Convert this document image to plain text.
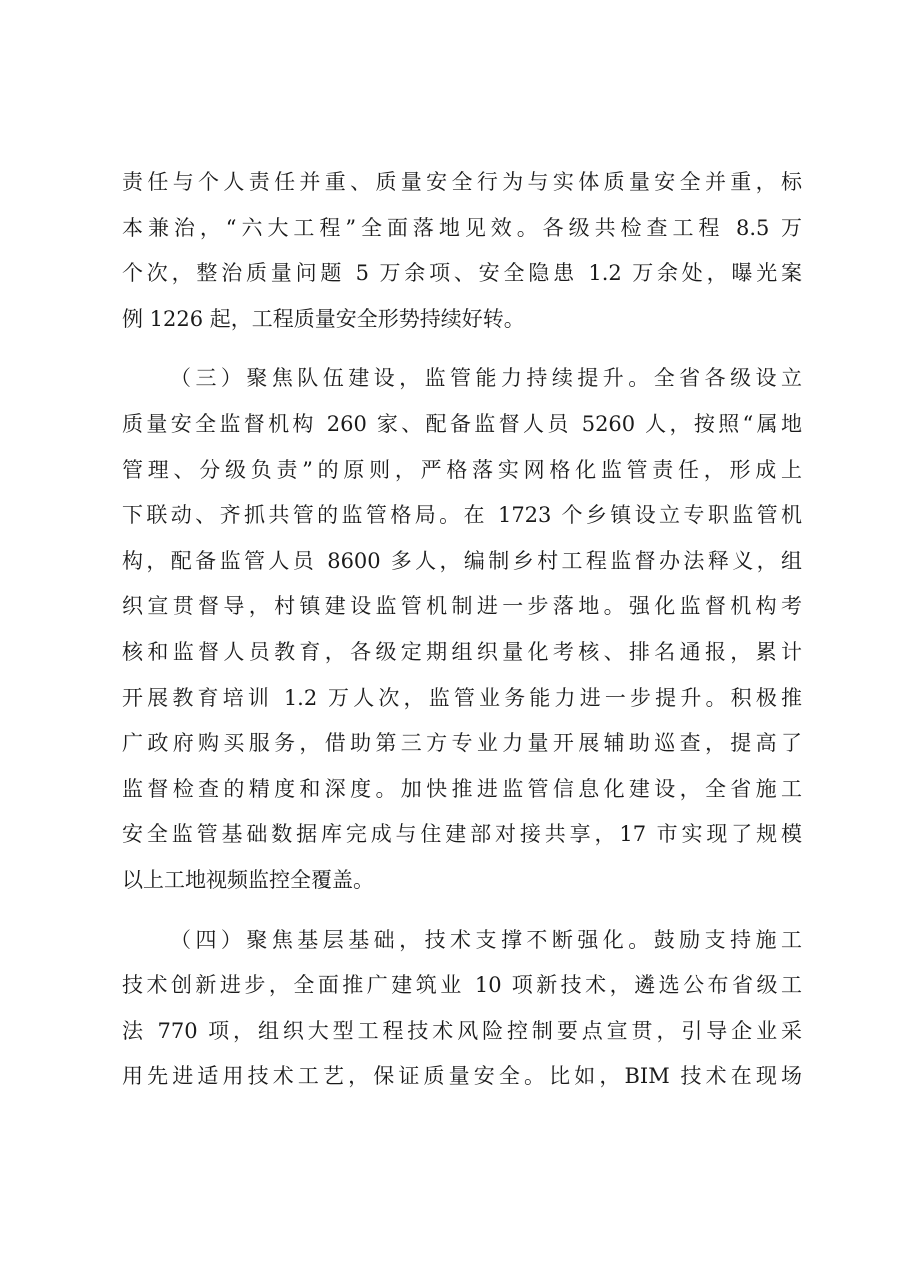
责任与个人责任并重、质量安全行为与实体质量安全并重，标
本兼治，“六大工程”全面落地见效。各级共检查工程 8.5 万
个次，整治质量问题 5 万余项、安全隐患 1.2 万余处，曝光案
例 1226 起，工程质量安全形势持续好转。
（三）聚焦队伍建设，监管能力持续提升。全省各级设立
质量安全监督机构 260 家、配备监督人员 5260 人，按照“属地
管理、分级负责”的原则，严格落实网格化监管责任，形成上
下联动、齐抓共管的监管格局。在 1723 个乡镇设立专职监管机
构，配备监管人员 8600 多人，编制乡村工程监督办法释义，组
织宣贯督导，村镇建设监管机制进一步落地。强化监督机构考
核和监督人员教育，各级定期组织量化考核、排名通报，累计
开展教育培训 1.2 万人次，监管业务能力进一步提升。积极推
广政府购买服务，借助第三方专业力量开展辅助巡查，提高了
监督检查的精度和深度。加快推进监管信息化建设，全省施工
安全监管基础数据库完成与住建部对接共享，17 市实现了规模
以上工地视频监控全覆盖。
（四）聚焦基层基础，技术支撑不断强化。鼓励支持施工
技术创新进步，全面推广建筑业 10 项新技术，遴选公布省级工
法 770 项，组织大型工程技术风险控制要点宣贯，引导企业采
用先进适用技术工艺，保证质量安全。比如，BIM 技术在现场
